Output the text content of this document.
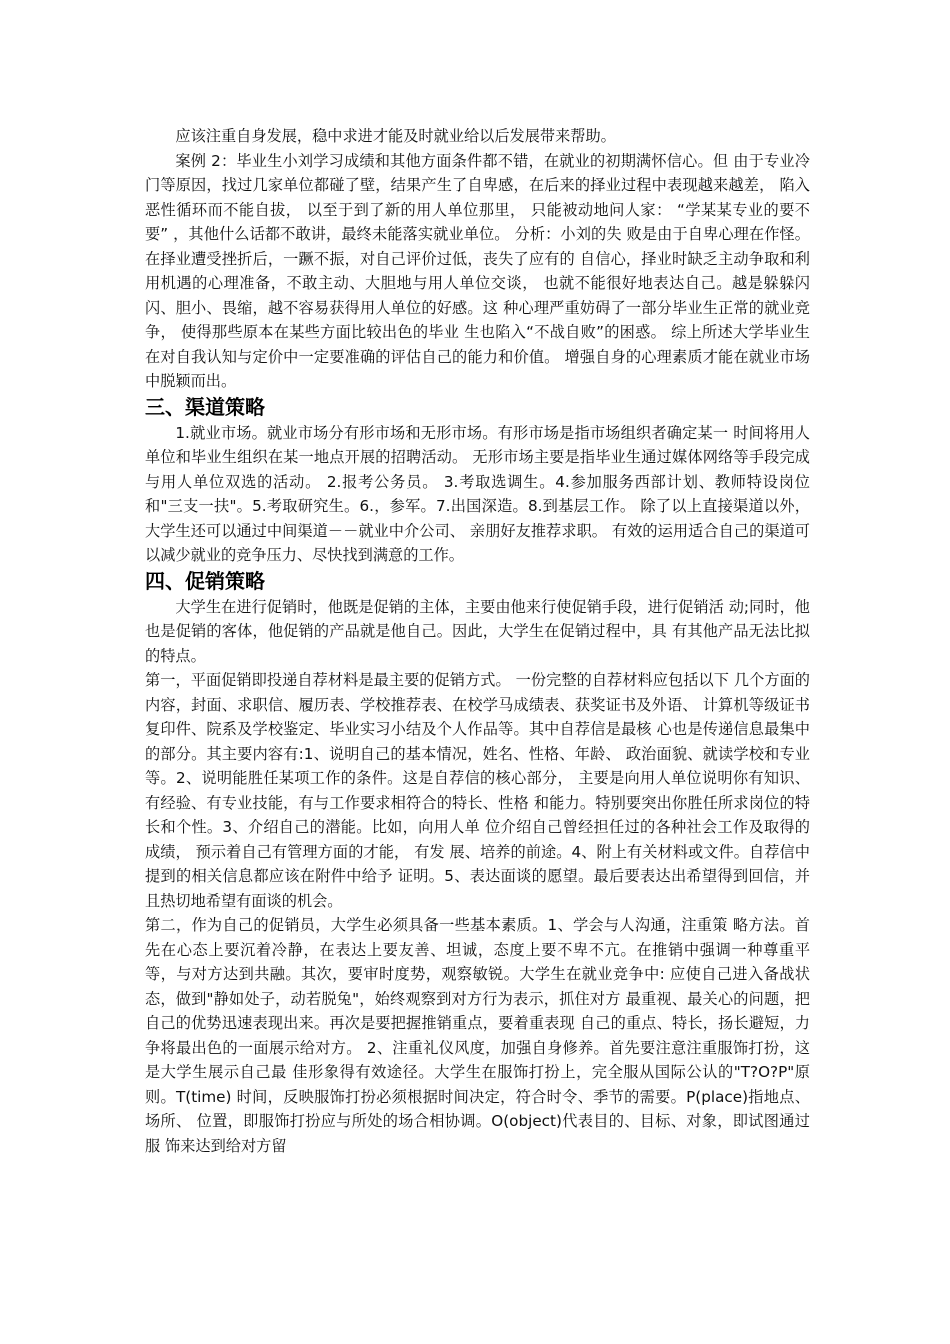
应该注重自身发展，稳中求进才能及时就业给以后发展带来帮助。

案例 2：毕业生小刘学习成绩和其他方面条件都不错，在就业的初期满怀信心。但 由于专业冷门等原因，找过几家单位都碰了壁，结果产生了自卑感，在后来的择业过程中表现越来越差， 陷入恶性循环而不能自拔， 以至于到了新的用人单位那里， 只能被动地问人家： “学某某专业的要不要” ，其他什么话都不敢讲，最终未能落实就业单位。 分析：小刘的失 败是由于自卑心理在作怪。在择业遭受挫折后，一蹶不振，对自己评价过低，丧失了应有的 自信心，择业时缺乏主动争取和利用机遇的心理准备，不敢主动、大胆地与用人单位交谈， 也就不能很好地表达自己。越是躲躲闪闪、胆小、畏缩，越不容易获得用人单位的好感。这 种心理严重妨碍了一部分毕业生正常的就业竞争， 使得那些原本在某些方面比较出色的毕业 生也陷入“不战自败”的困惑。 综上所述大学毕业生在对自我认知与定价中一定要准确的评估自己的能力和价值。 增强自身的心理素质才能在就业市场中脱颖而出。

三、渠道策略

1.就业市场。就业市场分有形市场和无形市场。有形市场是指市场组织者确定某一 时间将用人单位和毕业生组织在某一地点开展的招聘活动。 无形市场主要是指毕业生通过媒体网络等手段完成与用人单位双选的活动。 2.报考公务员。 3.考取选调生。4.参加服务西部计划、教师特设岗位和"三支一扶"。5.考取研究生。6.，参军。7.出国深造。8.到基层工作。 除了以上直接渠道以外， 大学生还可以通过中间渠道－－就业中介公司、 亲朋好友推荐求职。 有效的运用适合自己的渠道可以减少就业的竞争压力、尽快找到满意的工作。

四、促销策略

大学生在进行促销时，他既是促销的主体，主要由他来行使促销手段，进行促销活 动;同时，他也是促销的客体，他促销的产品就是他自己。因此，大学生在促销过程中，具 有其他产品无法比拟的特点。

第一，平面促销即投递自荐材料是最主要的促销方式。 一份完整的自荐材料应包括以下 几个方面的内容，封面、求职信、履历表、学校推荐表、在校学马成绩表、获奖证书及外语、 计算机等级证书复印件、院系及学校鉴定、毕业实习小结及个人作品等。其中自荐信是最核 心也是传递信息最集中的部分。其主要内容有:1、说明自己的基本情况，姓名、性格、年龄、 政治面貌、就读学校和专业等。2、说明能胜任某项工作的条件。这是自荐信的核心部分， 主要是向用人单位说明你有知识、有经验、有专业技能，有与工作要求相符合的特长、性格 和能力。特别要突出你胜任所求岗位的特长和个性。3、介绍自己的潜能。比如，向用人单 位介绍自己曾经担任过的各种社会工作及取得的成绩， 预示着自己有管理方面的才能， 有发 展、培养的前途。4、附上有关材料或文件。自荐信中提到的相关信息都应该在附件中给予 证明。5、表达面谈的愿望。最后要表达出希望得到回信，并且热切地希望有面谈的机会。

第二，作为自己的促销员，大学生必须具备一些基本素质。1、学会与人沟通，注重策 略方法。首先在心态上要沉着冷静，在表达上要友善、坦诚，态度上要不卑不亢。在推销中强调一种尊重平等，与对方达到共融。其次，要审时度势，观察敏锐。大学生在就业竞争中: 应使自己进入备战状态，做到"静如处子，动若脱兔"，始终观察到对方行为表示，抓住对方 最重视、最关心的问题，把自己的优势迅速表现出来。再次是要把握推销重点，要着重表现 自己的重点、特长，扬长避短，力争将最出色的一面展示给对方。 2、注重礼仪风度，加强自身修养。首先要注意注重服饰打扮，这是大学生展示自己最 佳形象得有效途径。大学生在服饰打扮上，完全服从国际公认的"T?O?P"原则。T(time) 时间，反映服饰打扮必须根据时间决定，符合时令、季节的需要。P(place)指地点、场所、 位置，即服饰打扮应与所处的场合相协调。O(object)代表目的、目标、对象，即试图通过服 饰来达到给对方留
